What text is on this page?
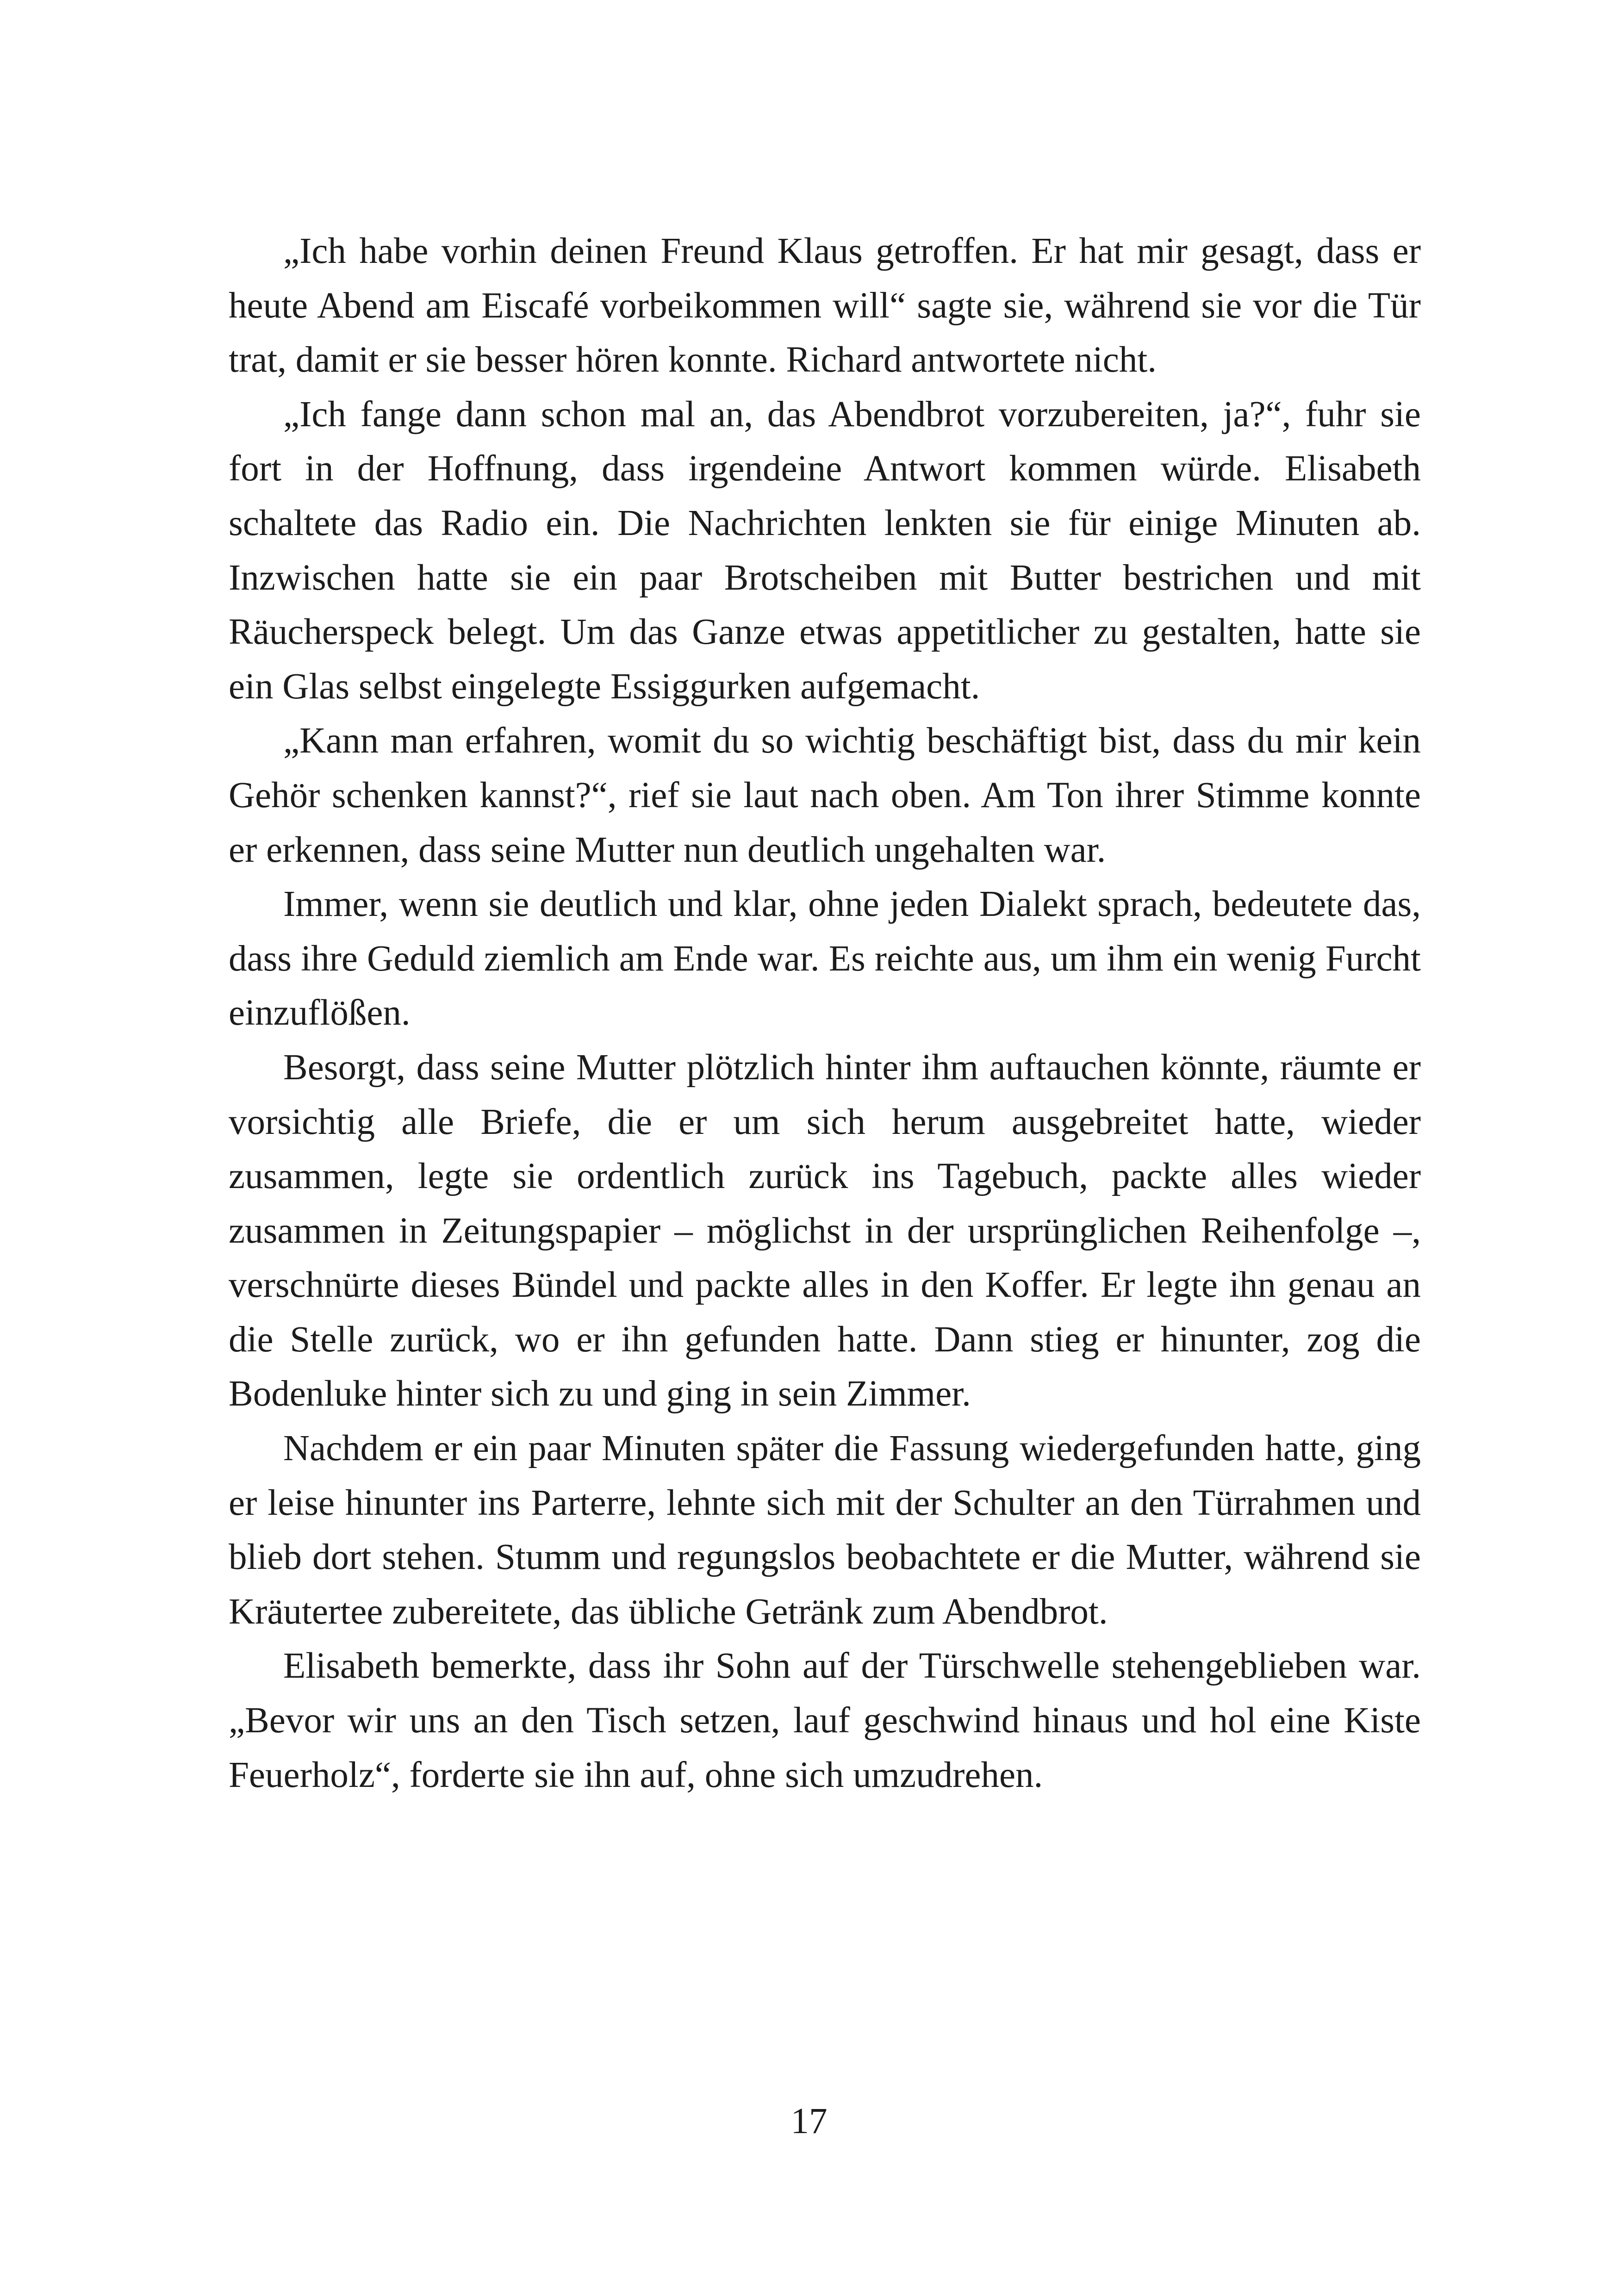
„Ich habe vorhin deinen Freund Klaus getroffen. Er hat mir gesagt, dass er heute Abend am Eiscafé vorbeikommen will“ sagte sie, während sie vor die Tür trat, damit er sie besser hören konnte. Richard antwortete nicht.

„Ich fange dann schon mal an, das Abendbrot vorzubereiten, ja?“, fuhr sie fort in der Hoffnung, dass irgendeine Antwort kommen würde. Elisabeth schaltete das Radio ein. Die Nachrichten lenkten sie für einige Minuten ab. Inzwischen hatte sie ein paar Brotscheiben mit Butter bestrichen und mit Räucherspeck belegt. Um das Ganze etwas appetitlicher zu gestalten, hatte sie ein Glas selbst eingelegte Essiggurken aufgemacht.

„Kann man erfahren, womit du so wichtig beschäftigt bist, dass du mir kein Gehör schenken kannst?“, rief sie laut nach oben. Am Ton ihrer Stimme konnte er erkennen, dass seine Mutter nun deutlich ungehalten war.

Immer, wenn sie deutlich und klar, ohne jeden Dialekt sprach, bedeutete das, dass ihre Geduld ziemlich am Ende war. Es reichte aus, um ihm ein wenig Furcht einzuflößen.

Besorgt, dass seine Mutter plötzlich hinter ihm auftauchen könnte, räumte er vorsichtig alle Briefe, die er um sich herum ausgebreitet hatte, wieder zusammen, legte sie ordentlich zurück ins Tagebuch, packte alles wieder zusammen in Zeitungspapier – möglichst in der ursprünglichen Reihenfolge –, verschnürte dieses Bündel und packte alles in den Koffer. Er legte ihn genau an die Stelle zurück, wo er ihn gefunden hatte. Dann stieg er hinunter, zog die Bodenluke hinter sich zu und ging in sein Zimmer.

Nachdem er ein paar Minuten später die Fassung wiedergefunden hatte, ging er leise hinunter ins Parterre, lehnte sich mit der Schulter an den Türrahmen und blieb dort stehen. Stumm und regungslos beobachtete er die Mutter, während sie Kräutertee zubereitete, das übliche Getränk zum Abendbrot.

Elisabeth bemerkte, dass ihr Sohn auf der Türschwelle stehengeblieben war. „Bevor wir uns an den Tisch setzen, lauf geschwind hinaus und hol eine Kiste Feuerholz“, forderte sie ihn auf, ohne sich umzudrehen.

17
